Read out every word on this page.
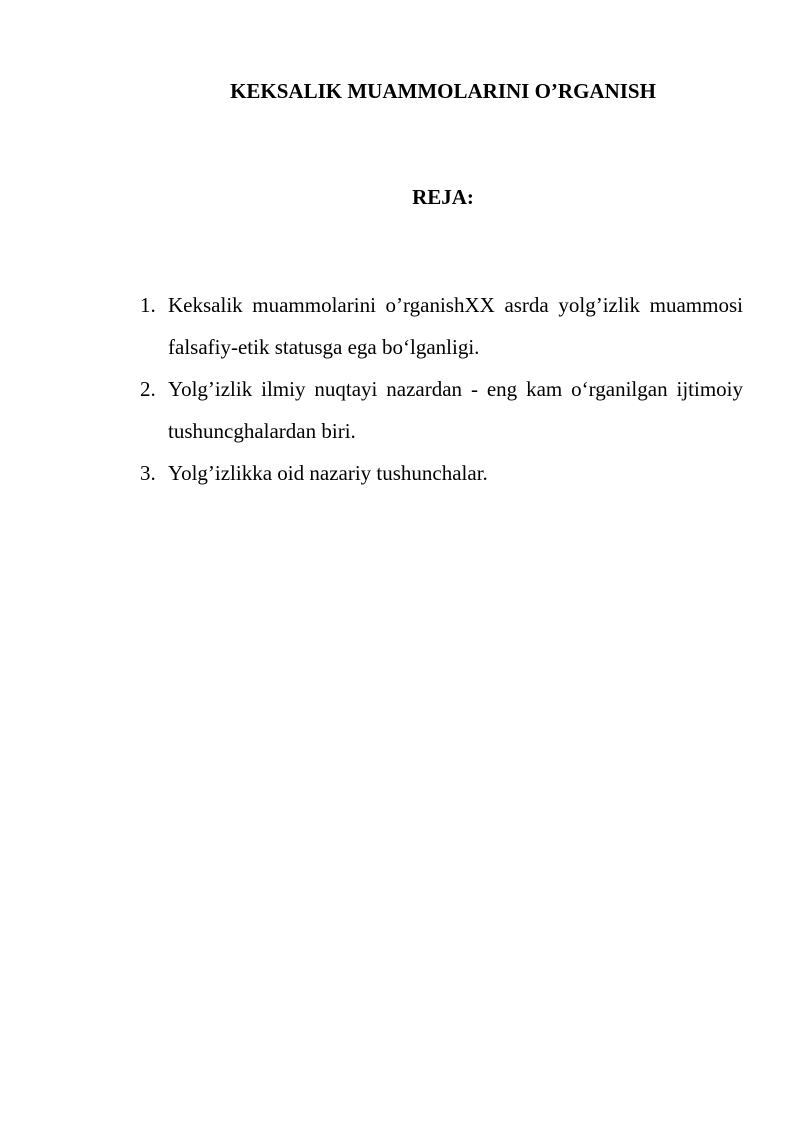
KEKSALIK MUAMMOLARINI O’RGANISH
REJA:
1. Keksalik muammolarini o’rganishXX asrda yolg’izlik muammosi falsafiy-etik statusga ega bo‘lganligi.
2. Yolg’izlik ilmiy nuqtayi nazardan - eng kam o‘rganilgan ijtimoiy tushuncghalardan biri.
3. Yolg’izlikka oid nazariy tushunchalar.
